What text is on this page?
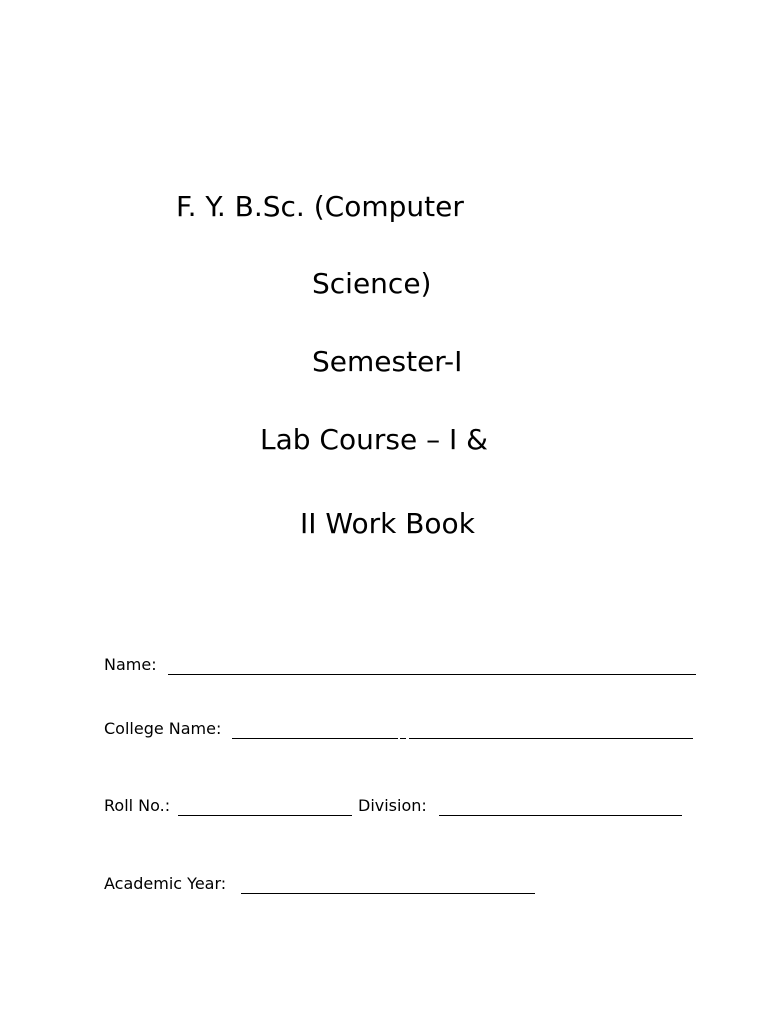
F. Y. B.Sc. (Computer
Science)
Semester-I
Lab Course – I &
II Work Book
Name:
College Name:
Roll No.:	Division:
Academic Year:
